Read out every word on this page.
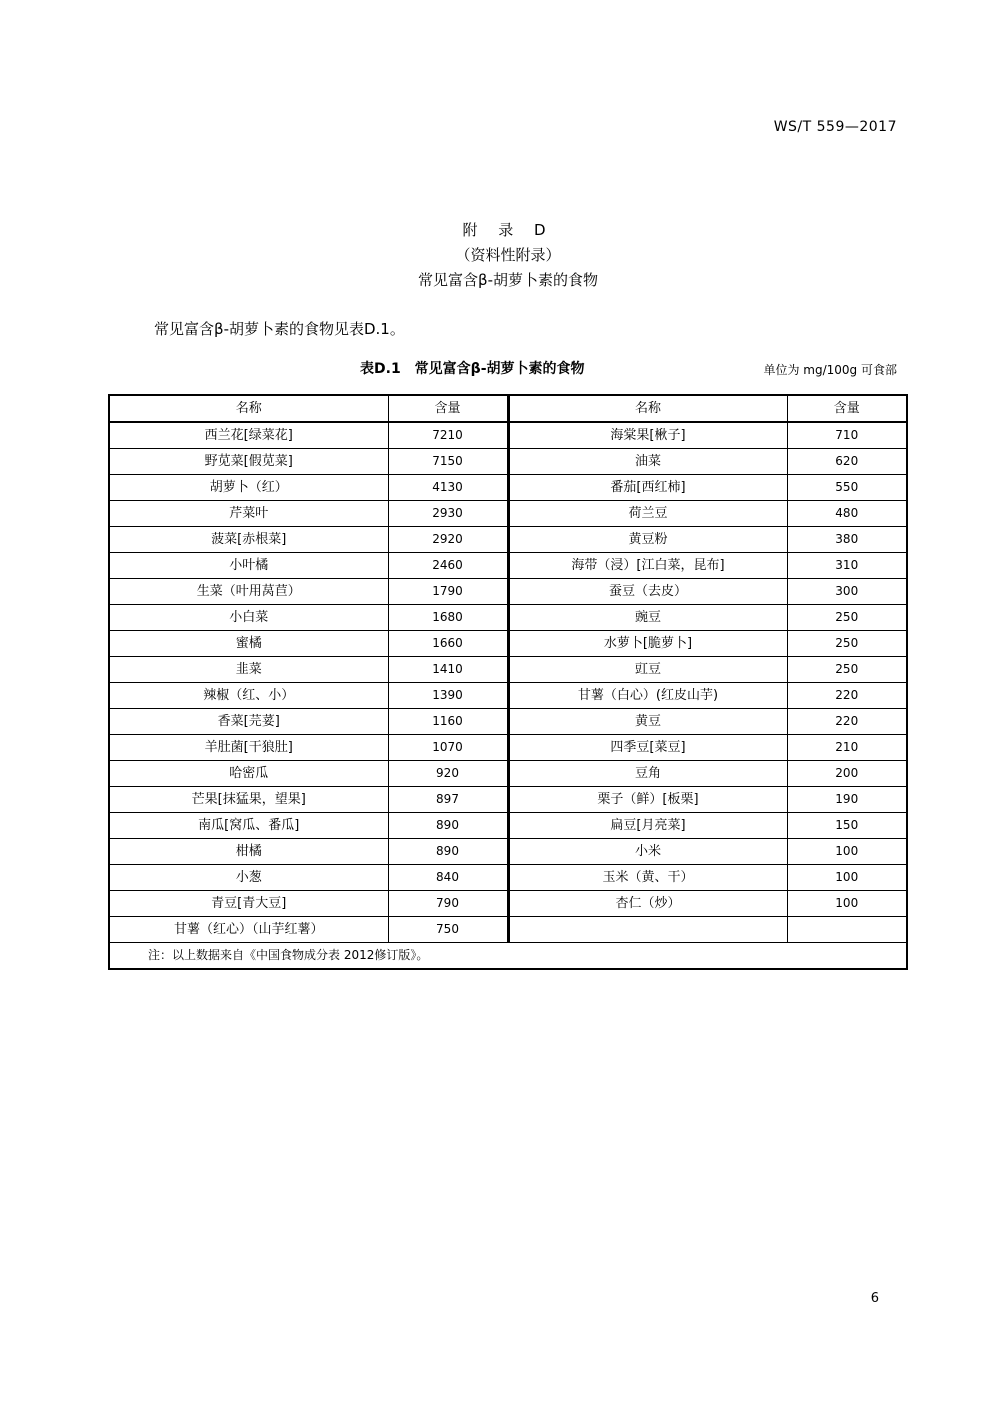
WS/T 559—2017
附 录 D
（资料性附录）
常见富含β-胡萝卜素的食物
常见富含β-胡萝卜素的食物见表D.1。
表D.1　常见富含β-胡萝卜素的食物	单位为 mg/100g 可食部
名称	含量	名称	含量
西兰花[绿菜花]	7210	海棠果[楸子]	710
野苋菜[假苋菜]	7150	油菜	620
胡萝卜（红）	4130	番茄[西红柿]	550
芹菜叶	2930	荷兰豆	480
菠菜[赤根菜]	2920	黄豆粉	380
小叶橘	2460	海带（浸）[江白菜，昆布]	310
生菜（叶用莴苣）	1790	蚕豆（去皮）	300
小白菜	1680	豌豆	250
蜜橘	1660	水萝卜[脆萝卜]	250
韭菜	1410	豇豆	250
辣椒（红、小）	1390	甘薯（白心）(红皮山芋)	220
香菜[芫荽]	1160	黄豆	220
羊肚菌[干狼肚]	1070	四季豆[菜豆]	210
哈密瓜	920	豆角	200
芒果[抹猛果，望果]	897	栗子（鲜）[板栗]	190
南瓜[窝瓜、番瓜]	890	扁豆[月亮菜]	150
柑橘	890	小米	100
小葱	840	玉米（黄、干）	100
青豆[青大豆]	790	杏仁（炒）	100
甘薯（红心）（山芋红薯）	750		
注：以上数据来自《中国食物成分表 2012修订版》。			
6
